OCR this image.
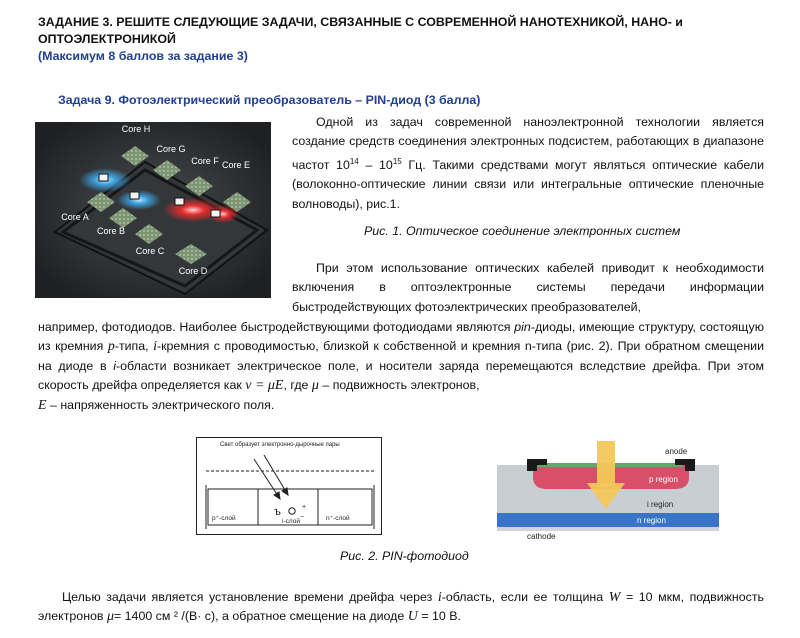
ЗАДАНИЕ 3. РЕШИТЕ СЛЕДУЮЩИЕ ЗАДАЧИ, СВЯЗАННЫЕ С СОВРЕМЕННОЙ НАНОТЕХНИКОЙ, НАНО- и ОПТОЭЛЕКТРОНИКОЙ
(Максимум 8 баллов за задание 3)
Задача 9. Фотоэлектрический преобразователь – PIN-диод (3 балла)
Core H
Core G
Core F Core E
Core A
Core B
Core C
Core D
Одной из задач современной наноэлектронной технологии является создание средств соединения электронных подсистем, работающих в диапазоне частот $10^{14} - 10^{15}$ Гц. Такими средствами могут являться оптические кабели (волоконно-оптические линии связи или интегральные оптические пленочные волноводы), рис.1.
Рис. 1. Оптическое соединение электронных систем
При этом использование оптических кабелей приводит к необходимости включения в оптоэлектронные системы передачи информации быстродействующих фотоэлектрических преобразователей,
например, фотодиодов. Наиболее быстродействующими фотодиодами являются pin-диоды, имеющие структуру, состоящую из кремния p-типа, i-кремния с проводимостью, близкой к собственной и кремния n-типа (рис. 2). При обратном смещении на диоде в i-области возникает электрическое поле, и носители заряда перемещаются вследствие дрейфа. При этом скорость дрейфа определяется как v = μE, где μ – подвижность электронов,
E – напряженность электрического поля.
Свет образует электронно-дырочные пары
ъ	+
−
p⁺-слой	i-слой	n⁺-слой
anode
p region
i region
n region
cathode
Рис. 2. PIN-фотодиод
Целью задачи является установление времени дрейфа через i-область, если ее толщина W = 10 мкм, подвижность электронов μ= 1400 см ² /(В· с), а обратное смещение на диоде U = 10 В.
